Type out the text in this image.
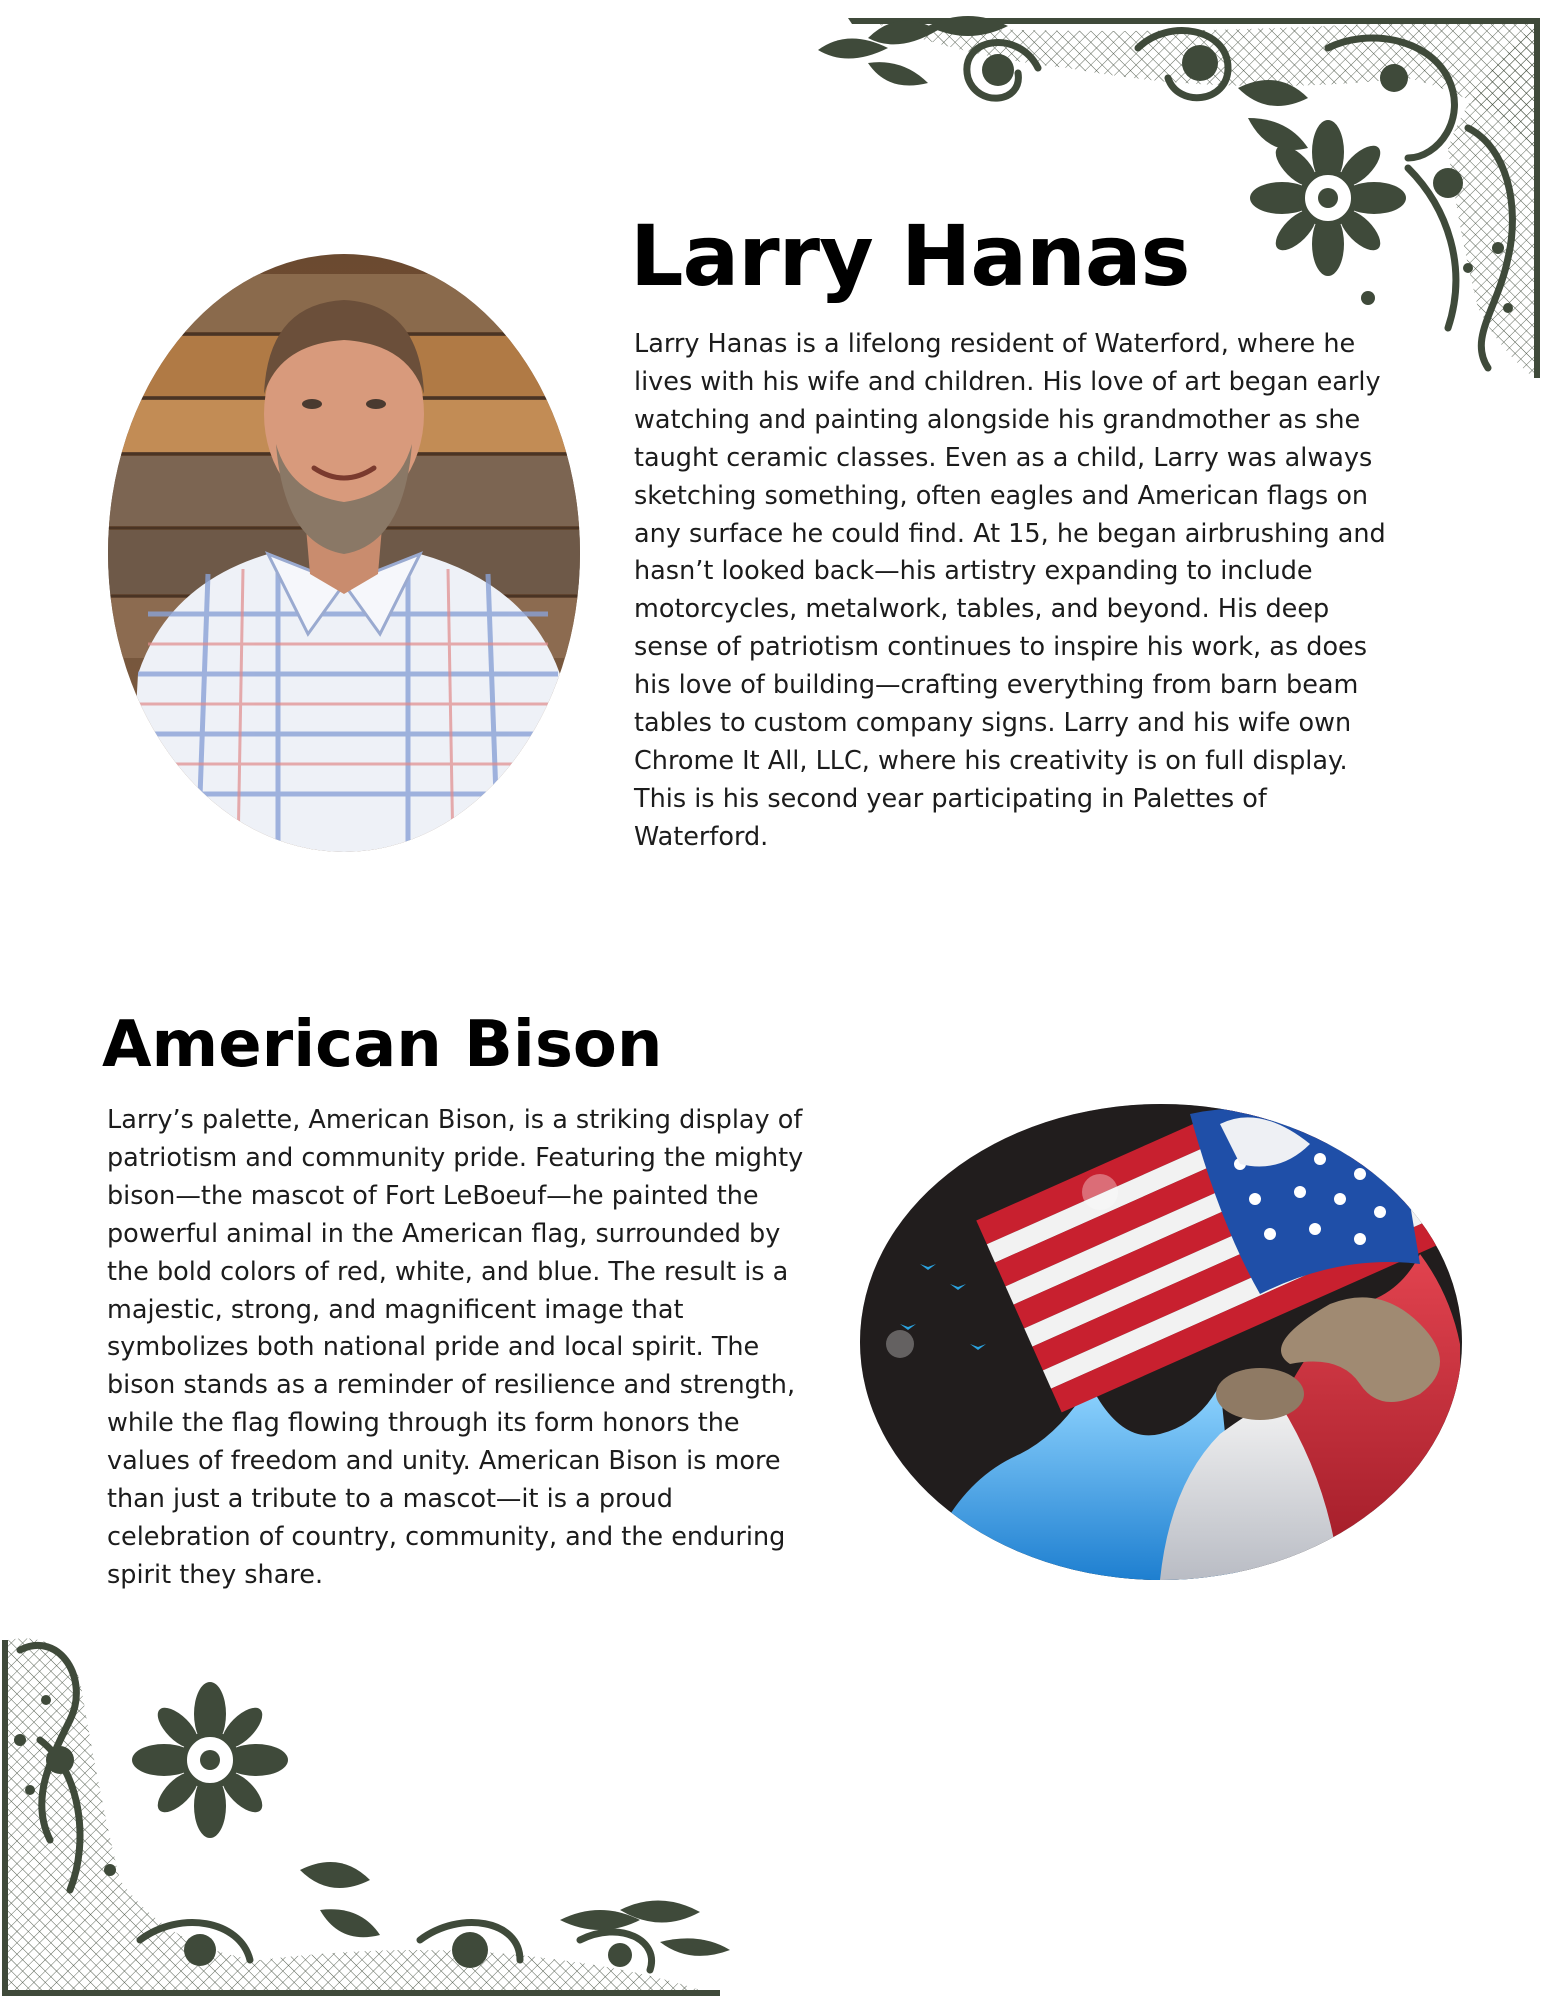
Larry Hanas

Larry Hanas is a lifelong resident of Waterford, where he lives with his wife and children. His love of art began early watching and painting alongside his grandmother as she taught ceramic classes. Even as a child, Larry was always sketching something, often eagles and American flags on any surface he could find. At 15, he began airbrushing and hasn’t looked back—his artistry expanding to include motorcycles, metalwork, tables, and beyond. His deep sense of patriotism continues to inspire his work, as does his love of building—crafting everything from barn beam tables to custom company signs. Larry and his wife own Chrome It All, LLC, where his creativity is on full display. This is his second year participating in Palettes of Waterford.

American Bison

Larry’s palette, American Bison, is a striking display of patriotism and community pride. Featuring the mighty bison—the mascot of Fort LeBoeuf—he painted the powerful animal in the American flag, surrounded by the bold colors of red, white, and blue. The result is a majestic, strong, and magnificent image that symbolizes both national pride and local spirit. The bison stands as a reminder of resilience and strength, while the flag flowing through its form honors the values of freedom and unity. American Bison is more than just a tribute to a mascot—it is a proud celebration of country, community, and the enduring spirit they share.
